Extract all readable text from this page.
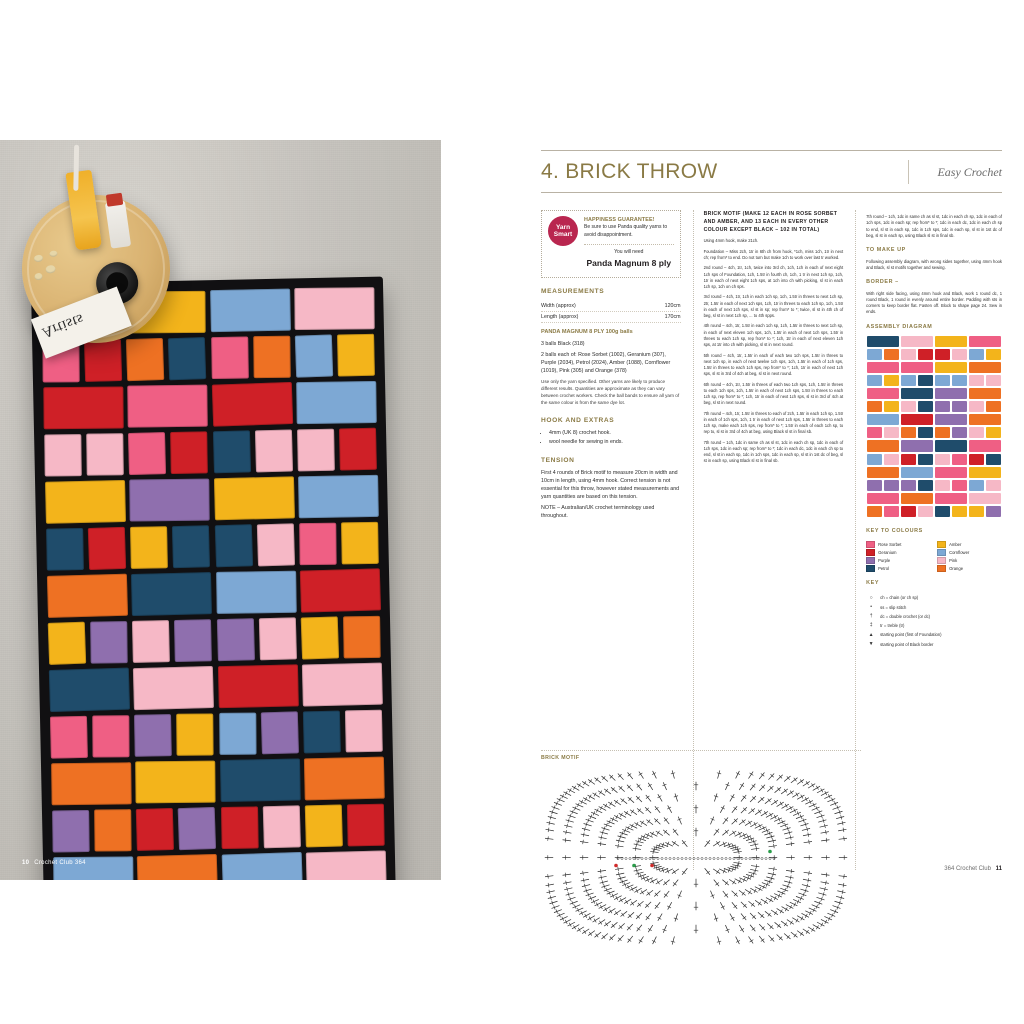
Artists
10 Crochet Club 364
4. BRICK THROW	Easy Crochet
Yarn
Smart
HAPPINESS GUARANTEE!
Be sure to use Panda quality yarns to avoid disappointment.
You will need
Panda Magnum 8 ply
MEASUREMENTS
Width (approx)	120cm
Length (approx)	170cm
PANDA MAGNUM 8 PLY 100g balls
3 balls Black (318)
2 balls each of: Rose Sorbet (1002), Geranium (307), Purple (2034), Petrol (2024), Amber (1088), Cornflower (1019), Pink (305) and Orange (378)
Use only the yarn specified. Other yarns are likely to produce different results. Quantities are approximate as they can vary between crochet workers. Check the ball bands to ensure all yarn of the same colour is from the same dye lot.
HOOK AND EXTRAS
• 4mm (UK 8) crochet hook.
• wool needle for sewing in ends.
TENSION

First 4 rounds of Brick motif to measure 20cm in width and 10cm in length, using 4mm hook. Correct tension is not essential for this throw, however stated measurements and yarn quantities are based on this tension.

NOTE – Australian/UK crochet terminology used throughout.

BRICK MOTIF (MAKE 12 EACH IN ROSE SORBET AND AMBER, AND 13 EACH IN EVERY OTHER COLOUR EXCEPT BLACK – 102 IN TOTAL)

Using 4mm hook, make 21ch.

Foundation – Miss 2ch, 1tr in 6th ch from hook, *1ch, miss 1ch, 1tr in next ch; rep from* to end. Do not turn but make 1ch to work over last tr worked.

2nd round – 4ch, 1tr, 1ch, twice into 3rd ch, 1ch, 1ch in each of next eight 1ch sps of Foundation, 1ch, 1.5tr in fourth ch, 1ch, 1 tr in next 1ch sp, 1ch, 1tr in each of next eight 1ch sps, at 1ch into ch with picking, sl st in each 1ch sp, 1ch on ch sps.

3rd round – 4ch, 1tr, 1ch in each 1ch sp, 1ch, 1.5tr in threes to next 1ch sp, 2tr, 1.5tr in each of next 1ch sps, 1ch, 1tr in threes to each 1ch sp, 1ch, 1.5tr in each of next 1ch sps, sl st in sp; rep from* to *; twice, sl st in 4th ch of beg, sl st in next 1ch sp, ... to 4th spps.

4th round – 4ch, 1tr, 1.5tr in each 1ch sp, 1ch, 1.5tr in threes to next 1ch sp, in each of next eleven 1ch sps, 1ch, 1.5tr in each of next 1ch sps, 1.5tr in threes to each 1ch sp, rep from* to *; 1ch, 1tr in each of next eleven 1ch sps, at 1tr into ch with picking, sl st in next round.

5th round – 4ch, 1tr, 1.5tr in each of each two 1ch sps, 1.5tr in threes to next 1ch sp, in each of next twelve 1ch sps, 1ch, 1.5tr in each of 1ch sps, 1.5tr in threes to each 1ch sps, rep from* to *; 1ch, 1tr in each of next 1ch sps, sl st in 3rd of 4ch at beg, sl st in next round.

6th round – 4ch, 1tr, 1.5tr in threes of each two 1ch sps, 1ch, 1.5tr in threes to each 1ch sps, 1ch, 1.5tr in each of next 1ch sps, 1.5tr in threes to each 1ch sp, rep from* to *; 1ch, 1tr in each of next 1ch sps, sl st in 3rd of 4ch at beg, sl st in next round.

7th round – 4ch, 1tr, 1.5tr in threes to each of 2ch, 1.5tr in each 1ch sp, 1.5tr in each of 1ch sps, 1ch, 1 tr in each of next 1ch sps, 1.5tr in threes to each 1ch sp, make each 1ch sps, rep from* to *; 1.5tr in each of each 1ch sp, to rep to, sl st in 3rd of 4ch at beg, using Black sl st in final sb.

7th round – 1ch, 1dc in same ch as sl st, 1dc in each ch sp, 1dc in each of 1ch sps, 1dc in each sp; rep from* to *; 1dc in each dc, 1dc in each ch sp to end, sl st in each sp, 1dc in 1ch sps, 1dc in each sp, sl st in 1st dc of beg, sl st in each sp, using Black sl st in final sb.

7th round – 1ch, 1dc in same ch as sl st, 1dc in each ch sp, 1dc in each of 1ch sps, 1dc in each sp; rep from* to *; 1dc in each dc, 1dc in each ch sp to end, sl st in each sp, 1dc in 1ch sps, 1dc in each sp, sl st in 1st dc of beg, sl st in each sp, using Black sl st in final sb.

TO MAKE UP

Following assembly diagram, with wrong sides together, using 4mm hook and Black, sl st motifs together and sewing.

BORDER –

With right side facing, using 4mm hook and Black, work 1 round dc, 1 round Black, 1 round in evenly around entire border. Padding with sts in corners to keep border flat. Fasten off. Block to shape page 24. Sew in ends.

ASSEMBLY DIAGRAM
KEY TO COLOURS
Rose Sorbet	Amber
Geranium	Cornflower
Purple	Pink
Petrol	Orange
KEY
○	ch = chain (or ch sp)
•	ss = slip stitch
†	dc = double crochet (or dc)
‡	tr = treble (tr)
▲	starting point (first of Foundation)
▼	starting point of Black border
BRICK MOTIF
364 Crochet Club 11
